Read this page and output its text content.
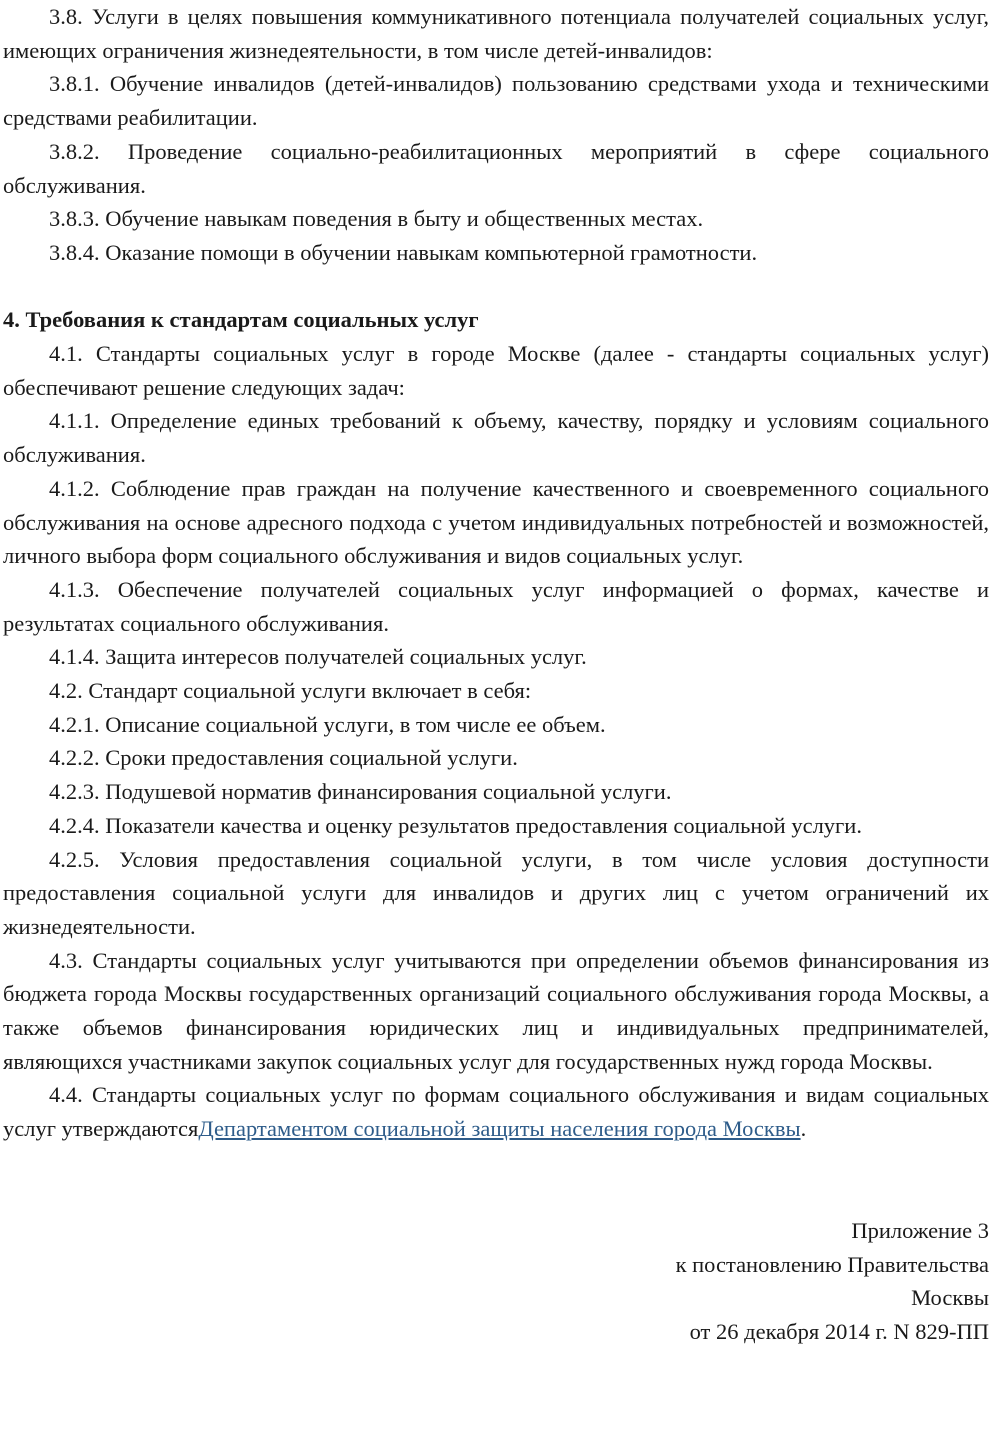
3.8. Услуги в целях повышения коммуникативного потенциала получателей социальных услуг, имеющих ограничения жизнедеятельности, в том числе детей-инвалидов:

3.8.1. Обучение инвалидов (детей-инвалидов) пользованию средствами ухода и техническими средствами реабилитации.

3.8.2. Проведение социально-реабилитационных мероприятий в сфере социального обслуживания.

3.8.3. Обучение навыкам поведения в быту и общественных местах.

3.8.4. Оказание помощи в обучении навыкам компьютерной грамотности.

4. Требования к стандартам социальных услуг

4.1. Стандарты социальных услуг в городе Москве (далее - стандарты социальных услуг) обеспечивают решение следующих задач:

4.1.1. Определение единых требований к объему, качеству, порядку и условиям социального обслуживания.

4.1.2. Соблюдение прав граждан на получение качественного и своевременного социального обслуживания на основе адресного подхода с учетом индивидуальных потребностей и возможностей, личного выбора форм социального обслуживания и видов социальных услуг.

4.1.3. Обеспечение получателей социальных услуг информацией о формах, качестве и результатах социального обслуживания.

4.1.4. Защита интересов получателей социальных услуг.

4.2. Стандарт социальной услуги включает в себя:

4.2.1. Описание социальной услуги, в том числе ее объем.

4.2.2. Сроки предоставления социальной услуги.

4.2.3. Подушевой норматив финансирования социальной услуги.

4.2.4. Показатели качества и оценку результатов предоставления социальной услуги.

4.2.5. Условия предоставления социальной услуги, в том числе условия доступности предоставления социальной услуги для инвалидов и других лиц с учетом ограничений их жизнедеятельности.

4.3. Стандарты социальных услуг учитываются при определении объемов финансирования из бюджета города Москвы государственных организаций социального обслуживания города Москвы, а также объемов финансирования юридических лиц и индивидуальных предпринимателей, являющихся участниками закупок социальных услуг для государственных нужд города Москвы.

4.4. Стандарты социальных услуг по формам социального обслуживания и видам социальных услуг утверждаютсяДепартаментом социальной защиты населения города Москвы.

Приложение 3
к постановлению Правительства
Москвы
от 26 декабря 2014 г. N 829-ПП
